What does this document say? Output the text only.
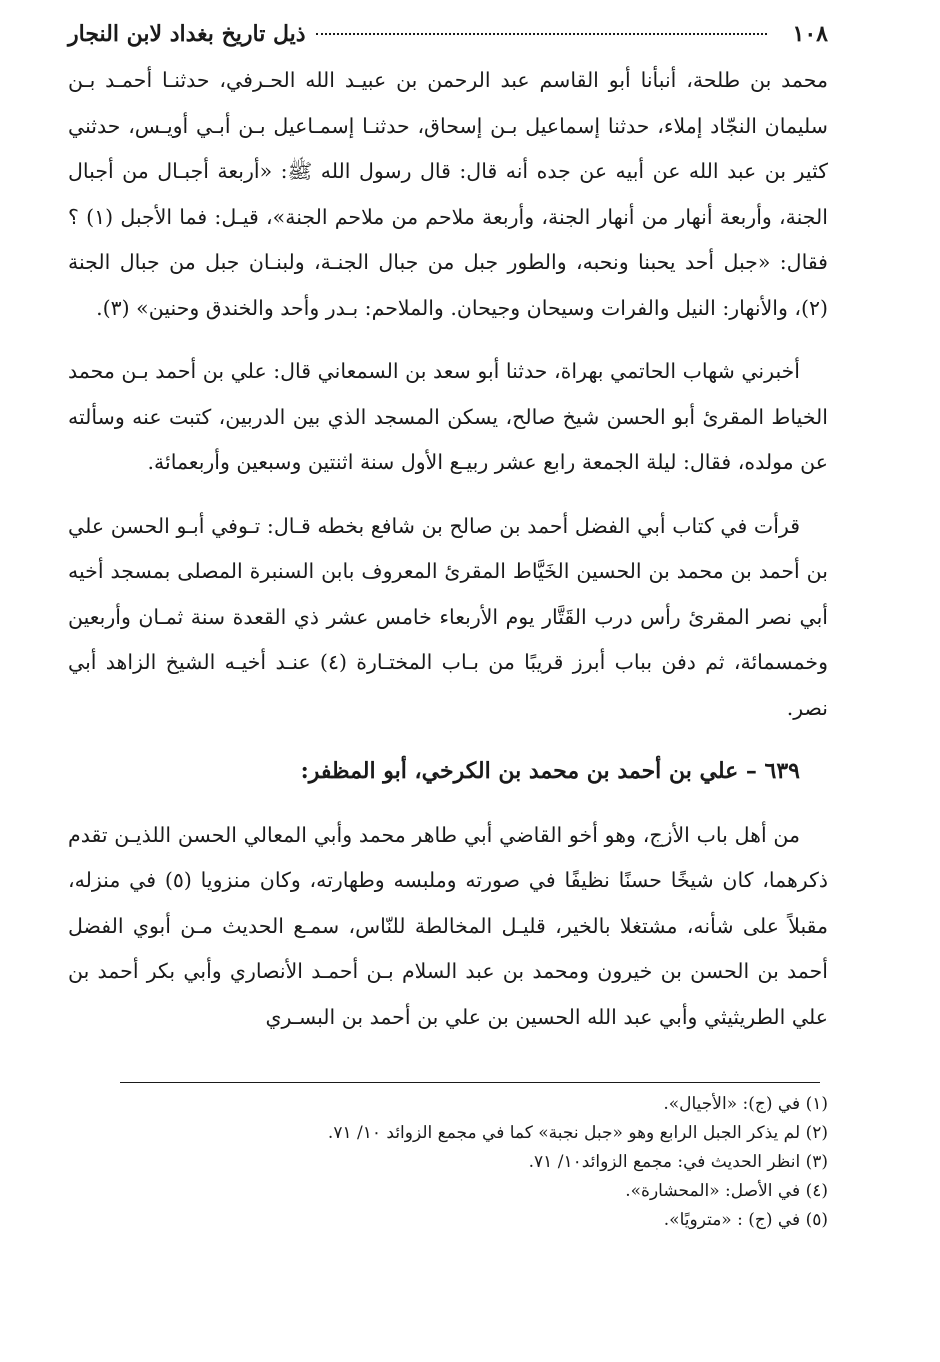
١٠٨
ذيل تاريخ بغداد لابن النجار

محمد بن طلحة، أنبأنا أبو القاسم عبد الرحمن بن عبيـد الله الحـرفي، حدثنـا أحمـد بـن سليمان النجّاد إملاء، حدثنا إسماعيل بـن إسحاق، حدثنـا إسمـاعيل بـن أبـي أويـس، حدثني كثير بن عبد الله عن أبيه عن جده أنه قال: قال رسول الله ﷺ: «أربعة أجبـال من أجبال الجنة، وأربعة أنهار من أنهار الجنة، وأربعة ملاحم من ملاحم الجنة»، قيـل: فما الأجبل (١) ؟ فقال: «جبل أحد يحبنا ونحبه، والطور جبل من جبال الجنـة، ولبنـان جبل من جبال الجنة (٢)، والأنهار: النيل والفرات وسيحان وجيحان. والملاحم: بـدر وأحد والخندق وحنين» (٣).

أخبرني شهاب الحاتمي بهراة، حدثنا أبو سعد بن السمعاني قال: علي بن أحمد بـن محمد الخياط المقرئ أبو الحسن شيخ صالح، يسكن المسجد الذي بين الدربين، كتبت عنه وسألته عن مولده، فقال: ليلة الجمعة رابع عشر ربيـع الأول سنة اثنتين وسبعين وأربعمائة.

قرأت في كتاب أبي الفضل أحمد بن صالح بن شافع بخطه قـال: تـوفي أبـو الحسن علي بن أحمد بن محمد بن الحسين الخَيَّاط المقرئ المعروف بابن السنبرة المصلى بمسجد أخيه أبي نصر المقرئ رأس درب القَتَّار يوم الأربعاء خامس عشر ذي القعدة سنة ثمـان وأربعين وخمسمائة، ثم دفن بباب أبرز قريبًا من بـاب المختـارة (٤) عنـد أخيـه الشيخ الزاهد أبي نصر.

٦٣٩ – علي بن أحمد بن محمد بن الكرخي، أبو المظفر:

من أهل باب الأزج، وهو أخو القاضي أبي طاهر محمد وأبي المعالي الحسن اللذيـن تقدم ذكرهما، كان شيخًا حسنًا نظيفًا في صورته وملبسه وطهارته، وكان منزويا (٥) في منزله، مقبلاً على شأنه، مشتغلا بالخير، قليـل المخالطة للنّاس، سمـع الحديث مـن أبوي الفضل أحمد بن الحسن بن خيرون ومحمد بن عبد السلام بـن أحمـد الأنصاري وأبي بكر أحمد بن علي الطريثيثي وأبي عبد الله الحسين بن علي بن أحمد بن البسـري

(١) في (ج): «الأجيال».
(٢) لم يذكر الجبل الرابع وهو «جبل نجبة» كما في مجمع الزوائد ١٠/ ٧١.
(٣) انظر الحديث في: مجمع الزوائد١٠/ ٧١.
(٤) في الأصل: «المحشارة».
(٥) في (ج) : «مترويًا».
